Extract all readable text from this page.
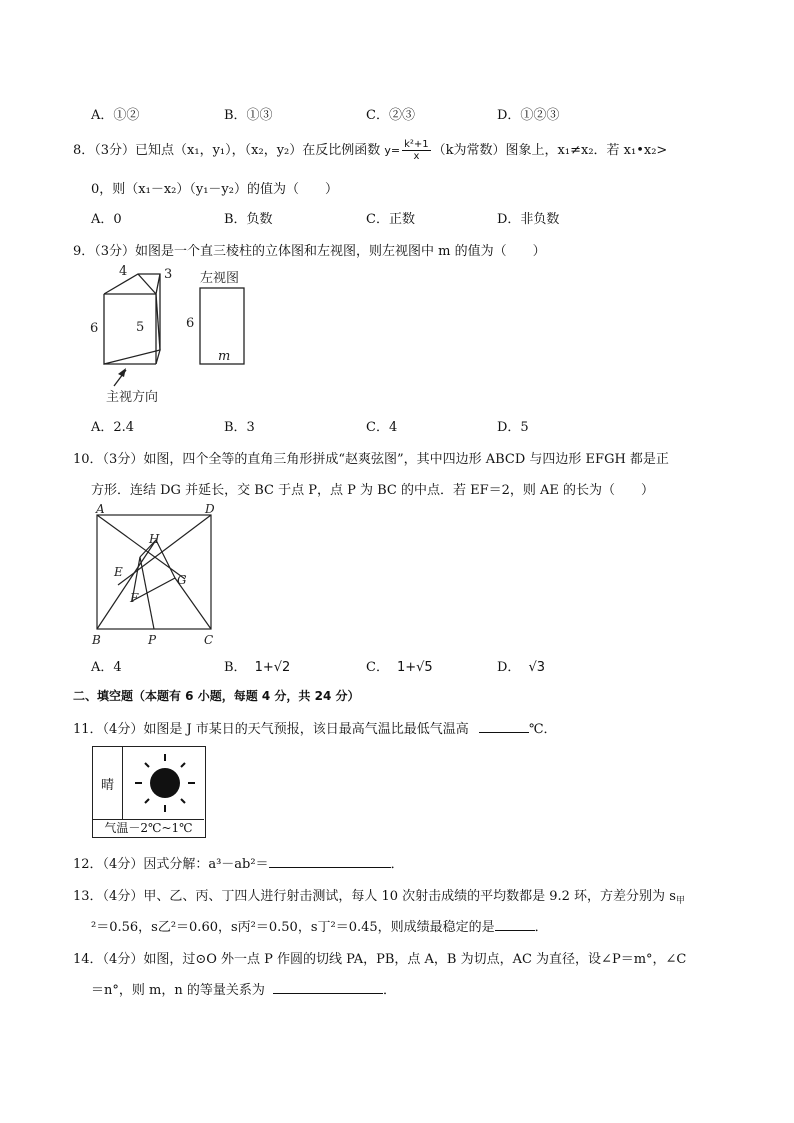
A．①②	B．①③	C．②③	D．①②③
8．（3分）已知点（x₁，y₁），（x₂，y₂）在反比例函数 $y= \frac{\text{k²+1}}{x} (k$为常数）图象上，x₁≠x₂．若 x₁•x₂>
0，则（x₁－x₂）（y₁－y₂）的值为（　　）
A．0	B．负数	C．正数	D．非负数
9．（3分）如图是一个直三棱柱的立体图和左视图，则左视图中 m 的值为（　　）
4	3
5
6	6
左视图
m
主视方向
A．2.4	B．3	C．4	D．5
10．（3分）如图，四个全等的直角三角形拼成“赵爽弦图”，其中四边形 ABCD 与四边形 EFGH 都是正
方形．连结 DG 并延长，交 BC 于点 P，点 P 为 BC 的中点．若 EF＝2，则 AE 的长为（　　）
A	D
H
E
G
F
B	P	C
A．4	B． 1+√2	C． 1+√5	D． √3
二、填空题（本题有 6 小题，每题 4 分，共 24 分）
11．（4分）如图是 J 市某日的天气预报，该日最高气温比最低气温高	℃．
晴
气温－2℃~1℃
12．（4分）因式分解：a³－ab²＝	．
13．（4分）甲、乙、丙、丁四人进行射击测试，每人 10 次射击成绩的平均数都是 9.2 环，方差分别为 $s_甲$
²＝0.56，s乙²＝0.60，s丙²＝0.50，s丁²＝0.45，则成绩最稳定的是	．
14．（4分）如图，过⊙O 外一点 P 作圆的切线 PA，PB，点 A，B 为切点，AC 为直径，设∠P＝m°，∠C
＝n°，则 m，n 的等量关系为	．
